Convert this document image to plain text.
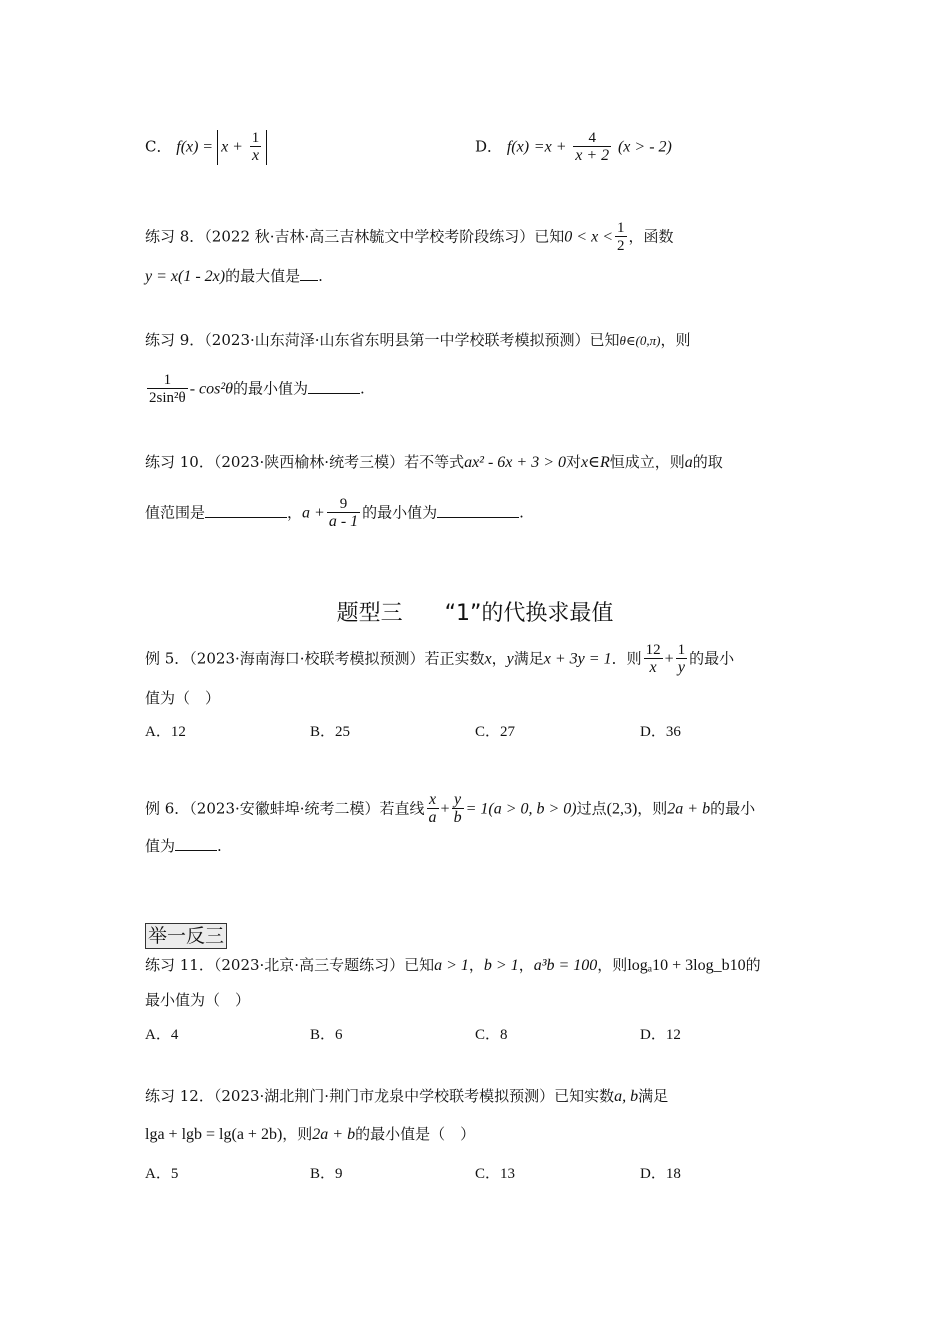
C． $f(x) = x + \frac{1}{x}$	D． $f(x) =x + \frac{4}{x + 2} (x$ > - 2)
练习 8．（2022 秋·吉林·高三吉林毓文中学校考阶段练习）已知$0 < x < \frac{1}{2}$ ，函数
y = x(1 - 2x)的最大值是 .
练习 9．（2023·山东菏泽·山东省东明县第一中学校联考模拟预测）已知θ∈(0,π)，则
$\frac{1}{\text{2sin²θ}} - \cos^2\theta$的最小值为	.
练习 10．（2023·陕西榆林·统考三模）若不等式ax² - 6x + 3 > 0对x∈R恒成立，则a的取
值范围是	，$a + \frac{9}{a - 1}$ 的最小值为	.
题型三 “1”的代换求最值
例 5．（2023·海南海口·校联考模拟预测）若正实数x，y满足x + 3y = 1．则 $\frac{12}{x} + \frac{1}{y}$ 的最小
值为（　）
A．12	B．25	C．27	D．36
例 6．（2023·安徽蚌埠·统考二模）若直线 $\frac{x}{a} + \frac{y}{b} = 1(a > 0$, b > 0)过点(2,3)，则2a + b的最小
值为	.
举一反三
练习 11．（2023·北京·高三专题练习）已知a > 1，b > 1，a³b = 100，则logₐ10 + 3log_b10的
最小值为（　）
A．4	B．6	C．8	D．12
练习 12．（2023·湖北荆门·荆门市龙泉中学校联考模拟预测）已知实数a, b满足
lga + lgb = lg(a + 2b)，则2a + b的最小值是（　）
A．5	B．9	C．13	D．18
